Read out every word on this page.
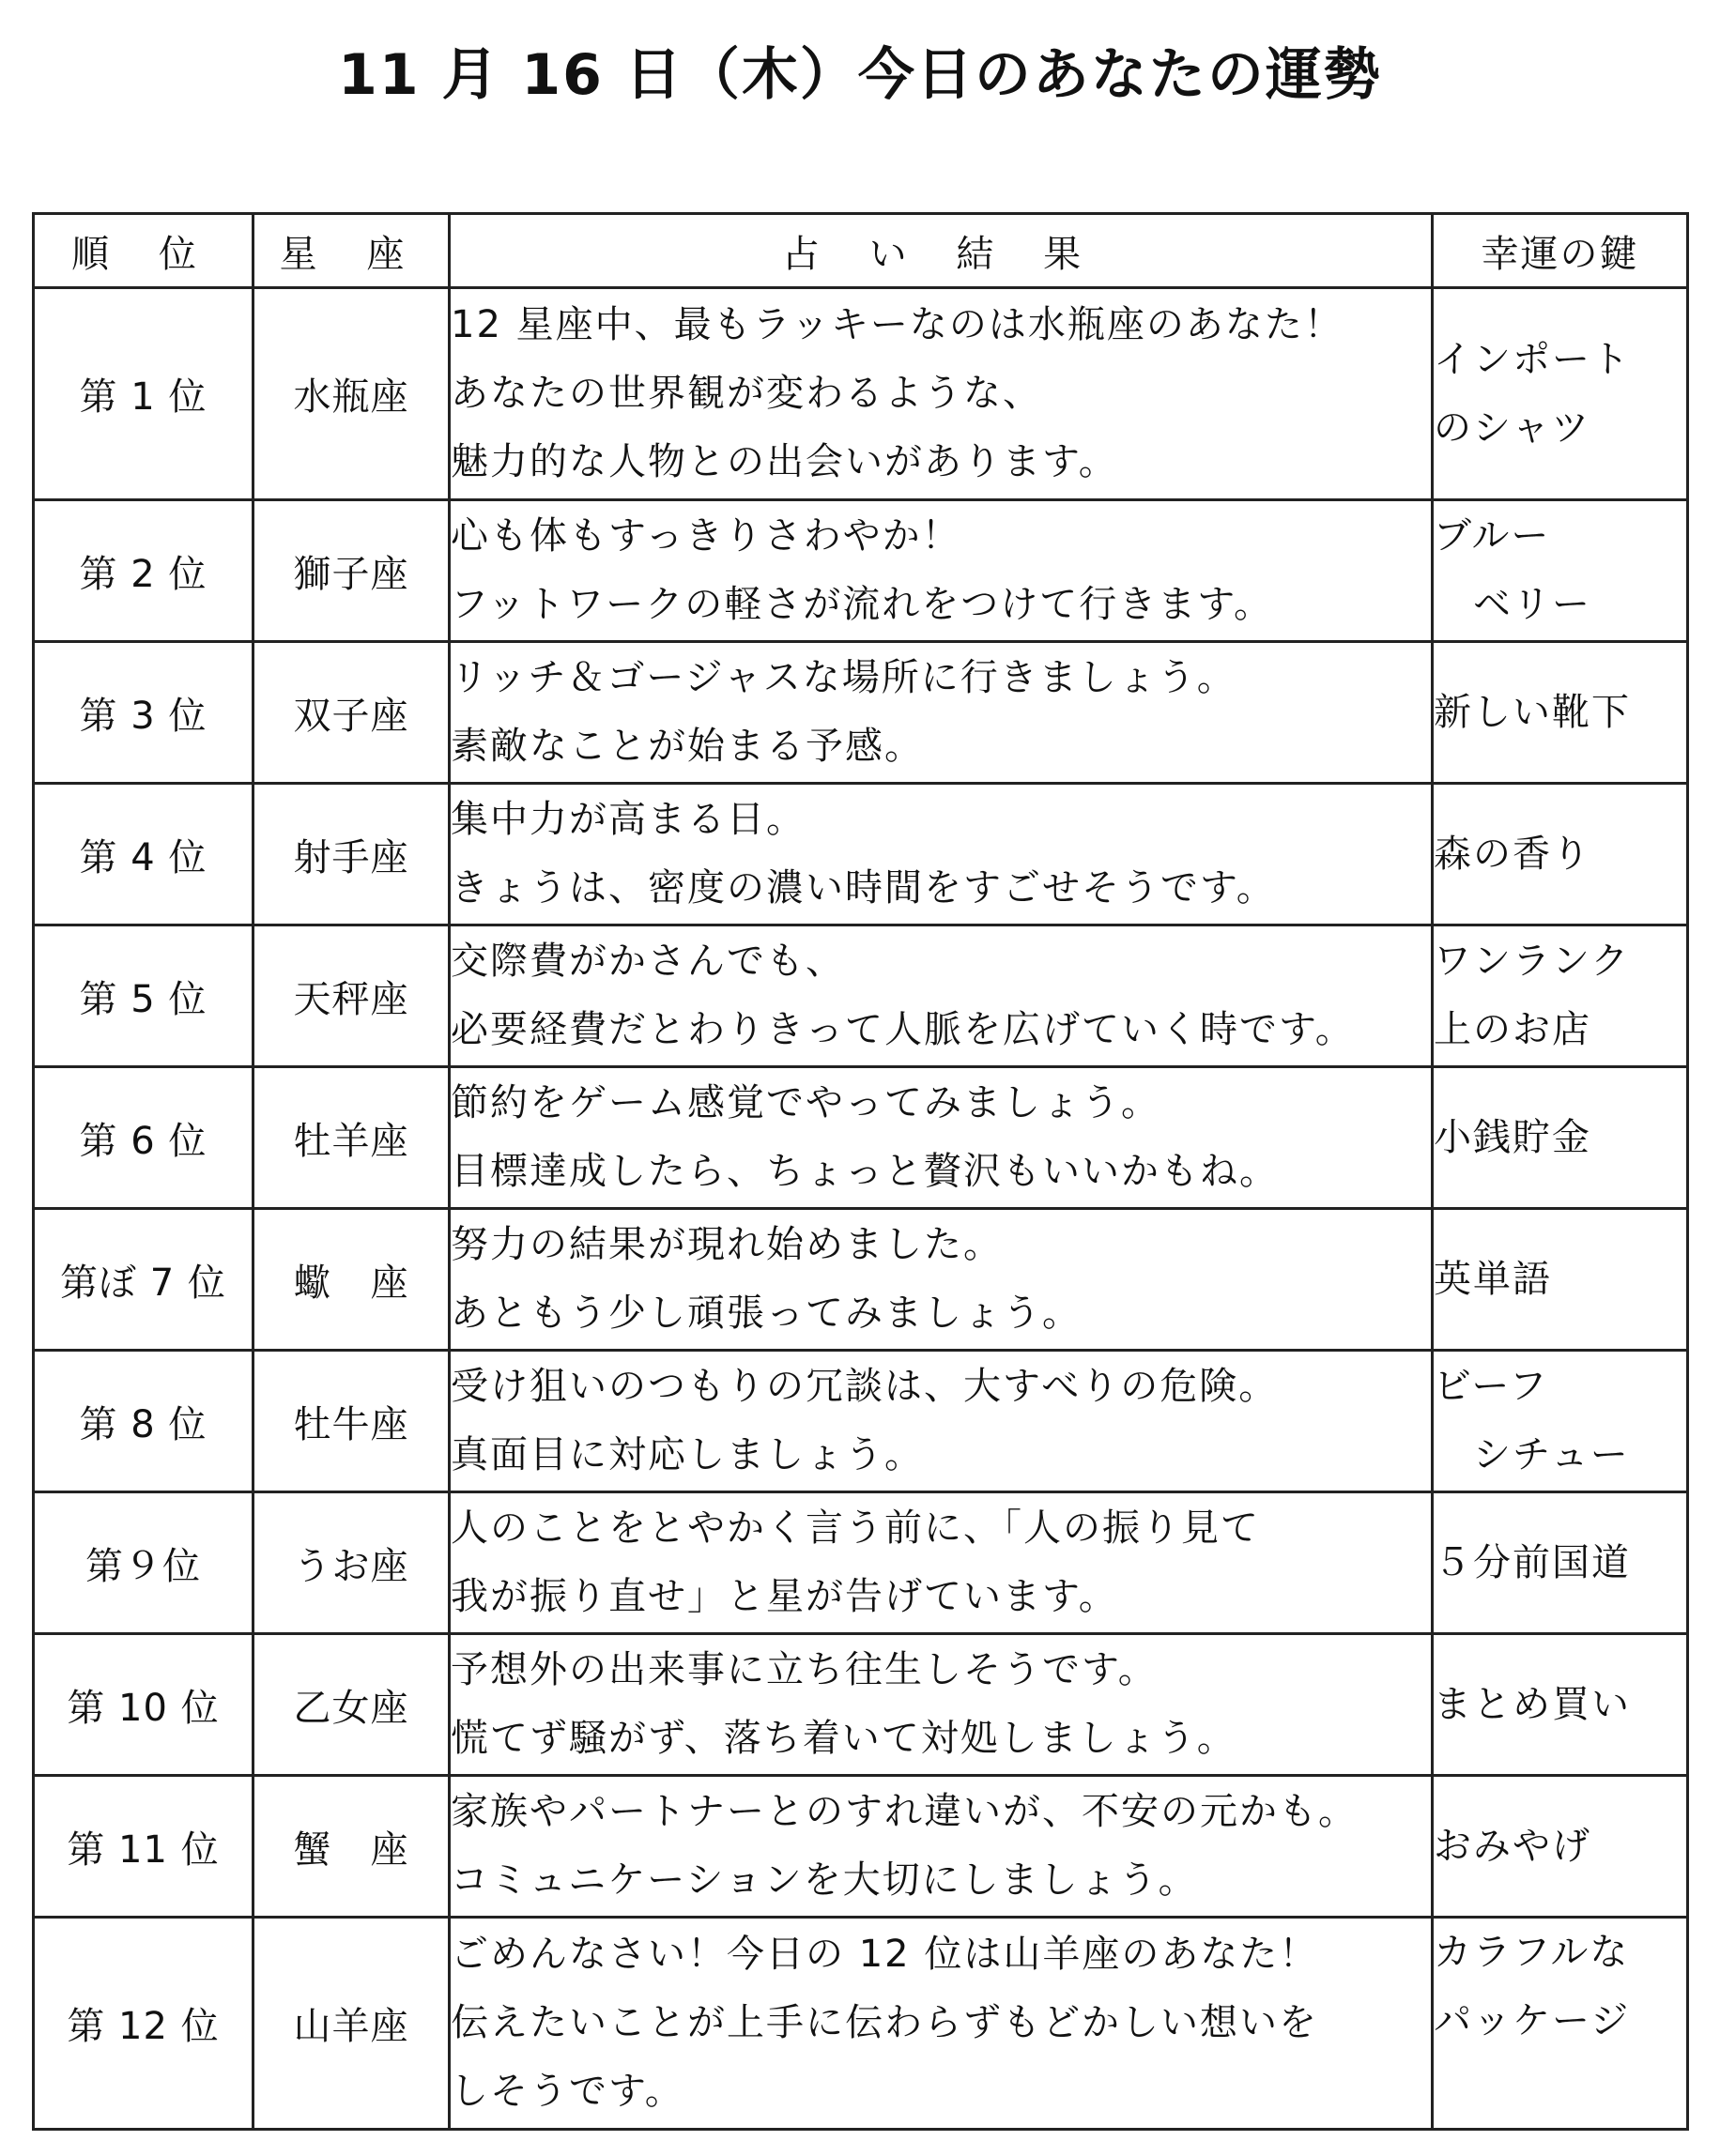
11 月 16 日（木）今日のあなたの運勢
順 位	星 座	占 い 結 果	幸運の鍵
第 1 位	水瓶座	12 星座中、最もラッキーなのは水瓶座のあなた！
あなたの世界観が変わるような、
魅力的な人物との出会いがあります。	インポート
のシャツ

第 2 位	獅子座	心も体もすっきりさわやか！
フットワークの軽さが流れをつけて行きます。	ブルー
　ベリー

第 3 位	双子座	リッチ＆ゴージャスな場所に行きましょう。
素敵なことが始まる予感。	新しい靴下

第 4 位	射手座	集中力が高まる日。
きょうは、密度の濃い時間をすごせそうです。	森の香り

第 5 位	天秤座	交際費がかさんでも、
必要経費だとわりきって人脈を広げていく時です。	ワンランク
上のお店

第 6 位	牡羊座	節約をゲーム感覚でやってみましょう。
目標達成したら、ちょっと贅沢もいいかもね。	小銭貯金

第ぼ 7 位	蠍　座	努力の結果が現れ始めました。
あともう少し頑張ってみましょう。	英単語

第 8 位	牡牛座	受け狙いのつもりの冗談は、大すべりの危険。
真面目に対応しましょう。	ビーフ
　シチュー

第９位	うお座	人のことをとやかく言う前に、「人の振り見て
我が振り直せ」と星が告げています。	５分前国道

第 10 位	乙女座	予想外の出来事に立ち往生しそうです。
慌てず騒がず、落ち着いて対処しましょう。	まとめ買い

第 11 位	蟹　座	家族やパートナーとのすれ違いが、不安の元かも。
コミュニケーションを大切にしましょう。	おみやげ

第 12 位	山羊座	ごめんなさい！今日の 12 位は山羊座のあなた！
伝えたいことが上手に伝わらずもどかしい想いを
しそうです。	カラフルな
パッケージ
